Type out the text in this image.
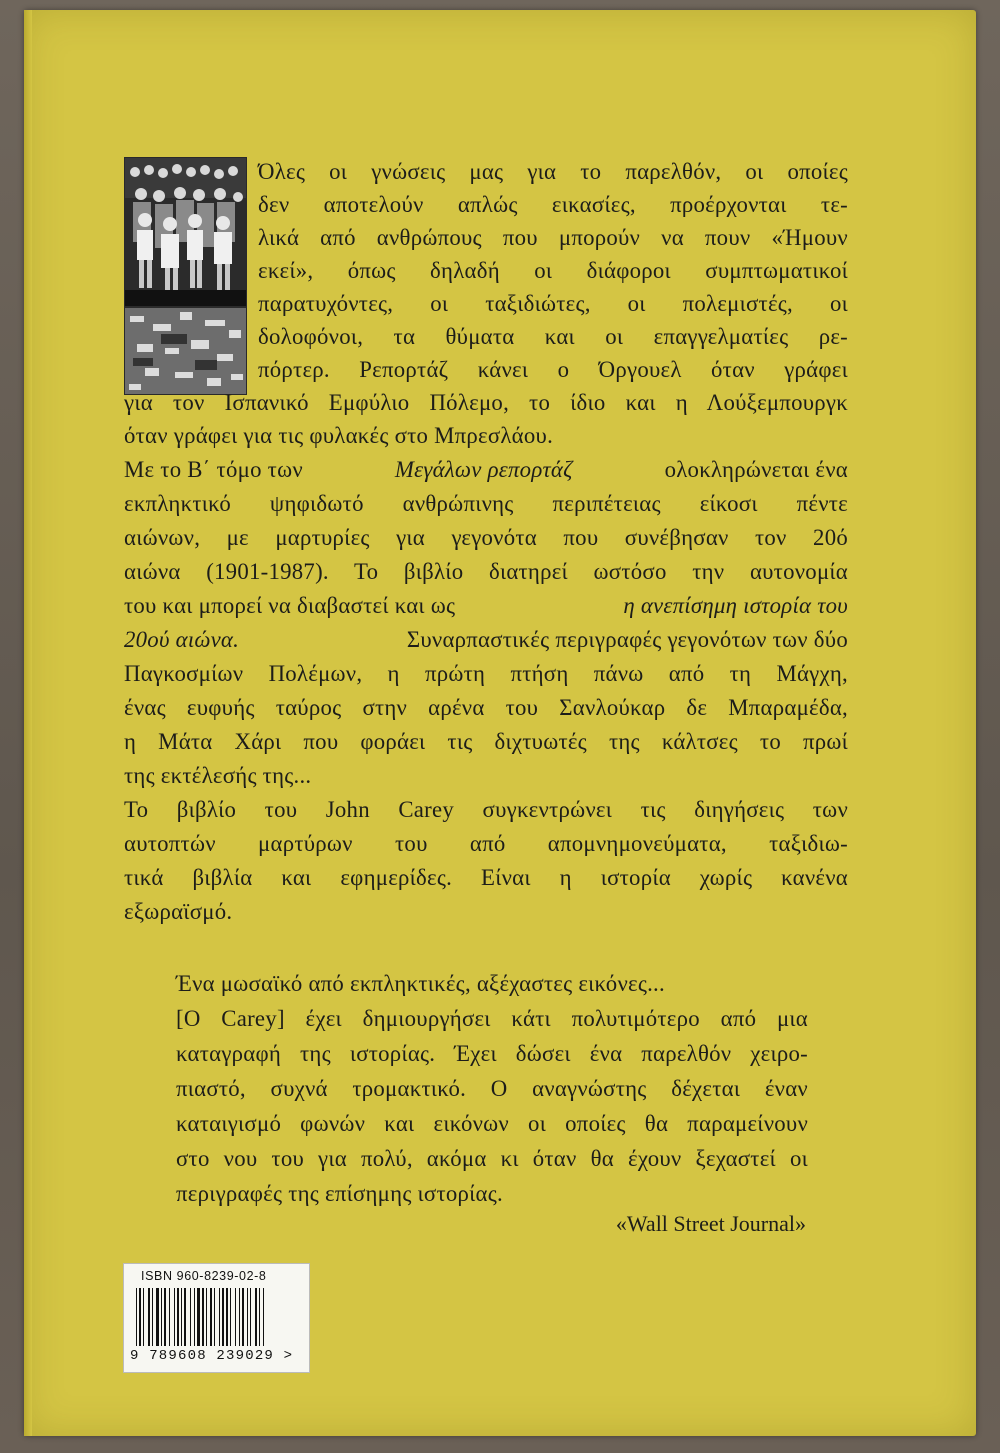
Όλες οι γνώσεις μας για το παρελθόν, οι οποίες
δεν αποτελούν απλώς εικασίες, προέρχονται τε-
λικά από ανθρώπους που μπορούν να πουν «Ήμουν
εκεί», όπως δηλαδή οι διάφοροι συμπτωματικοί
παρατυχόντες, οι ταξιδιώτες, οι πολεμιστές, οι
δολοφόνοι, τα θύματα και οι επαγγελματίες ρε-
πόρτερ. Ρεπορτάζ κάνει ο Όργουελ όταν γράφει
για τον Ισπανικό Εμφύλιο Πόλεμο, το ίδιο και η Λούξεμπουργκ
όταν γράφει για τις φυλακές στο Μπρεσλάου.
Με το Β΄ τόμο των	Μεγάλων ρεπορτάζ	ολοκληρώνεται ένα
εκπληκτικό ψηφιδωτό ανθρώπινης περιπέτειας είκοσι πέντε
αιώνων, με μαρτυρίες για γεγονότα που συνέβησαν τον 20ό
αιώνα (1901-1987). Το βιβλίο διατηρεί ωστόσο την αυτονομία
του και μπορεί να διαβαστεί και ως	η ανεπίσημη ιστορία του
20ού αιώνα.	Συναρπαστικές περιγραφές γεγονότων των δύο
Παγκοσμίων Πολέμων, η πρώτη πτήση πάνω από τη Μάγχη,
ένας ευφυής ταύρος στην αρένα του Σανλούκαρ δε Μπαραμέδα,
η Μάτα Χάρι που φοράει τις διχτυωτές της κάλτσες το πρωί
της εκτέλεσής της...
Το βιβλίο του John Carey συγκεντρώνει τις διηγήσεις των
αυτοπτών μαρτύρων του από απομνημονεύματα, ταξιδιω-
τικά βιβλία και εφημερίδες. Είναι η ιστορία χωρίς κανένα
εξωραϊσμό.
Ένα μωσαϊκό από εκπληκτικές, αξέχαστες εικόνες...
[Ο Carey] έχει δημιουργήσει κάτι πολυτιμότερο από μια
καταγραφή της ιστορίας. Έχει δώσει ένα παρελθόν χειρο-
πιαστό, συχνά τρομακτικό. Ο αναγνώστης δέχεται έναν
καταιγισμό φωνών και εικόνων οι οποίες θα παραμείνουν
στο νου του για πολύ, ακόμα κι όταν θα έχουν ξεχαστεί οι
περιγραφές της επίσημης ιστορίας.
«Wall Street Journal»
ISBN 960-8239-02-8
9 789608 239029 >
